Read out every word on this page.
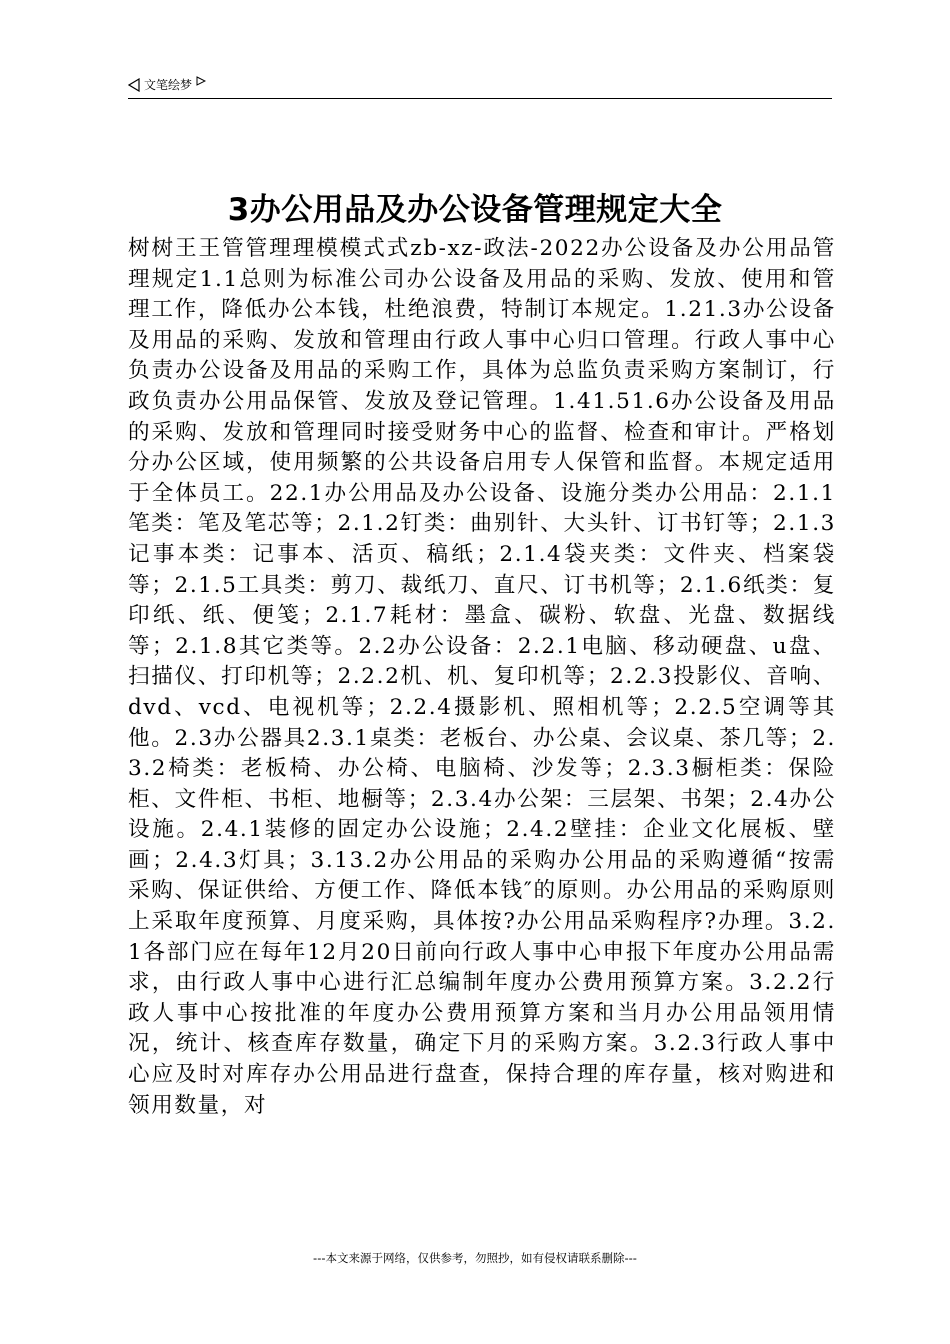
文笔绘梦
3办公用品及办公设备管理规定大全
树树王王管管理理模模式式zb-xz-政法-2022办公设备及办公用品管理规定1.1总则为标准公司办公设备及用品的采购、发放、使用和管理工作，降低办公本钱，杜绝浪费，特制订本规定。1.21.3办公设备及用品的采购、发放和管理由行政人事中心归口管理。行政人事中心负责办公设备及用品的采购工作，具体为总监负责采购方案制订，行政负责办公用品保管、发放及登记管理。1.41.51.6办公设备及用品的采购、发放和管理同时接受财务中心的监督、检查和审计。严格划分办公区域，使用频繁的公共设备启用专人保管和监督。本规定适用于全体员工。22.1办公用品及办公设备、设施分类办公用品：2.1.1笔类：笔及笔芯等；2.1.2钉类：曲别针、大头针、订书钉等；2.1.3记事本类：记事本、活页、稿纸；2.1.4袋夹类：文件夹、档案袋等；2.1.5工具类：剪刀、裁纸刀、直尺、订书机等；2.1.6纸类：复印纸、纸、便笺；2.1.7耗材：墨盒、碳粉、软盘、光盘、数据线等；2.1.8其它类等。2.2办公设备：2.2.1电脑、移动硬盘、u盘、扫描仪、打印机等；2.2.2机、机、复印机等；2.2.3投影仪、音响、dvd、vcd、电视机等；2.2.4摄影机、照相机等；2.2.5空调等其他。2.3办公器具2.3.1桌类：老板台、办公桌、会议桌、茶几等；2.3.2椅类：老板椅、办公椅、电脑椅、沙发等；2.3.3橱柜类：保险柜、文件柜、书柜、地橱等；2.3.4办公架：三层架、书架；2.4办公设施。2.4.1装修的固定办公设施；2.4.2壁挂：企业文化展板、壁画；2.4.3灯具；3.13.2办公用品的采购办公用品的采购遵循“按需采购、保证供给、方便工作、降低本钱″的原则。办公用品的采购原则上采取年度预算、月度采购，具体按?办公用品采购程序?办理。3.2.1各部门应在每年12月20日前向行政人事中心申报下年度办公用品需求，由行政人事中心进行汇总编制年度办公费用预算方案。3.2.2行政人事中心按批准的年度办公费用预算方案和当月办公用品领用情况，统计、核查库存数量，确定下月的采购方案。3.2.3行政人事中心应及时对库存办公用品进行盘查，保持合理的库存量，核对购进和领用数量，对
---本文来源于网络，仅供参考，勿照抄，如有侵权请联系删除---
